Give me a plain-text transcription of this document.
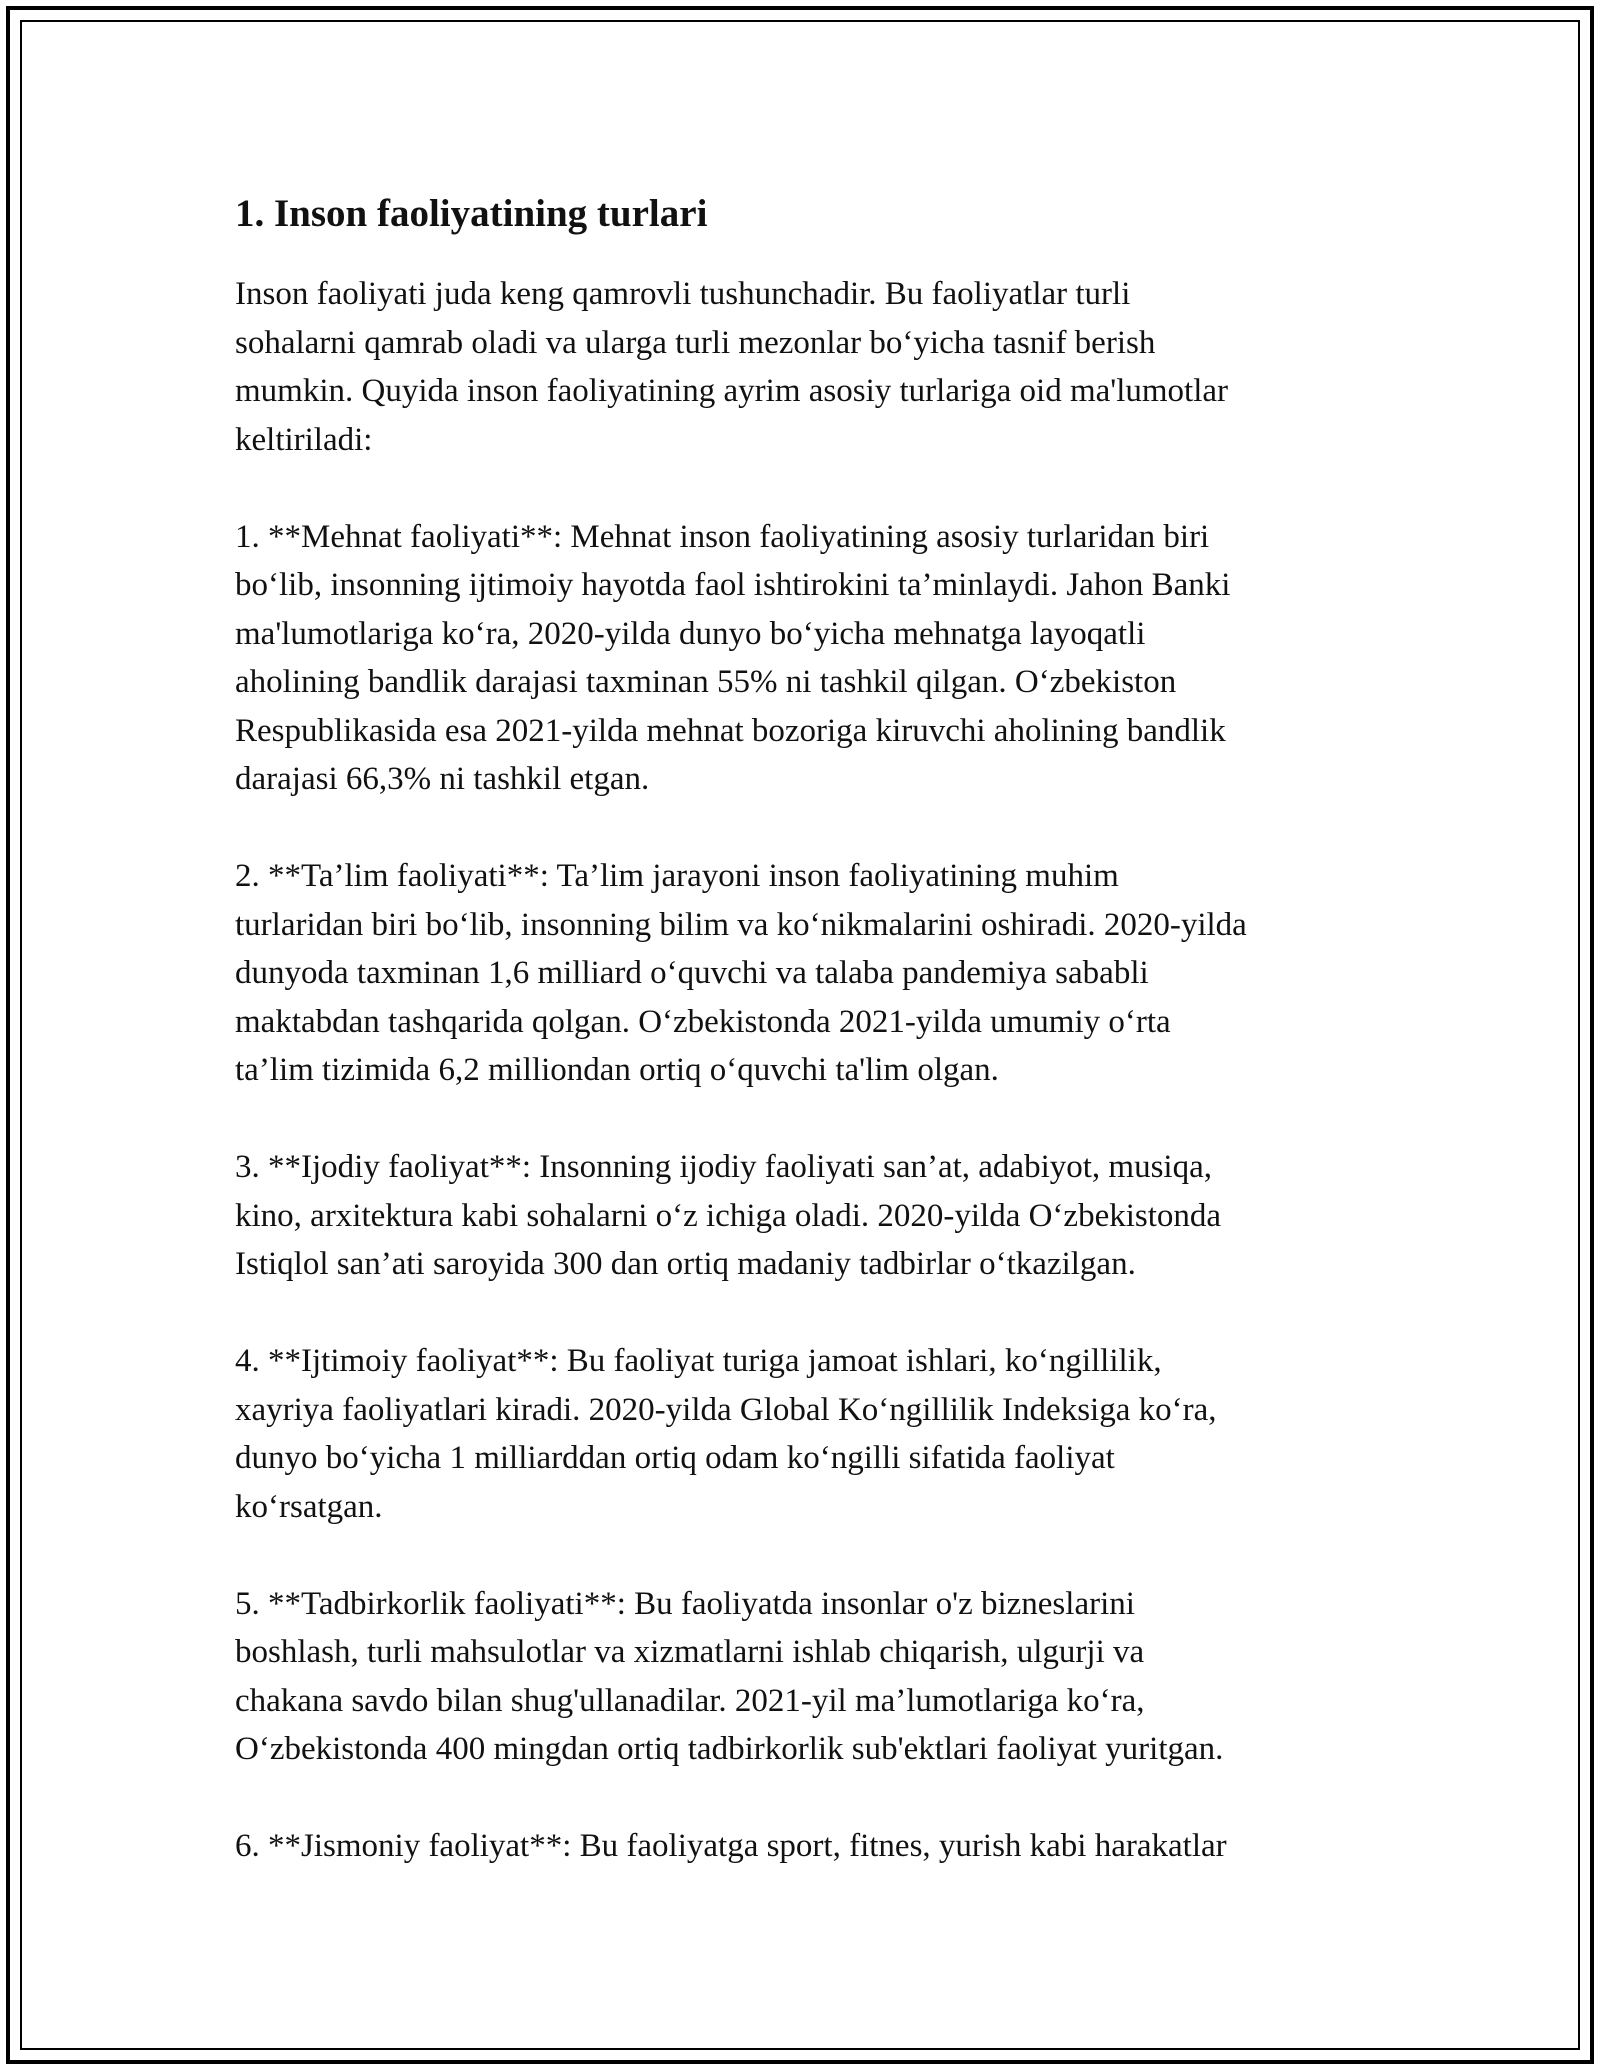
1. Inson faoliyatining turlari

Inson faoliyati juda keng qamrovli tushunchadir. Bu faoliyatlar turli
sohalarni qamrab oladi va ularga turli mezonlar bo‘yicha tasnif berish
mumkin. Quyida inson faoliyatining ayrim asosiy turlariga oid ma'lumotlar
keltiriladi:

1. **Mehnat faoliyati**: Mehnat inson faoliyatining asosiy turlaridan biri
bo‘lib, insonning ijtimoiy hayotda faol ishtirokini ta’minlaydi. Jahon Banki
ma'lumotlariga ko‘ra, 2020-yilda dunyo bo‘yicha mehnatga layoqatli
aholining bandlik darajasi taxminan 55% ni tashkil qilgan. O‘zbekiston
Respublikasida esa 2021-yilda mehnat bozoriga kiruvchi aholining bandlik
darajasi 66,3% ni tashkil etgan.

2. **Ta’lim faoliyati**: Ta’lim jarayoni inson faoliyatining muhim
turlaridan biri bo‘lib, insonning bilim va ko‘nikmalarini oshiradi. 2020-yilda
dunyoda taxminan 1,6 milliard o‘quvchi va talaba pandemiya sababli
maktabdan tashqarida qolgan. O‘zbekistonda 2021-yilda umumiy o‘rta
ta’lim tizimida 6,2 milliondan ortiq o‘quvchi ta'lim olgan.

3. **Ijodiy faoliyat**: Insonning ijodiy faoliyati san’at, adabiyot, musiqa,
kino, arxitektura kabi sohalarni o‘z ichiga oladi. 2020-yilda O‘zbekistonda
Istiqlol san’ati saroyida 300 dan ortiq madaniy tadbirlar o‘tkazilgan.

4. **Ijtimoiy faoliyat**: Bu faoliyat turiga jamoat ishlari, ko‘ngillilik,
xayriya faoliyatlari kiradi. 2020-yilda Global Ko‘ngillilik Indeksiga ko‘ra,
dunyo bo‘yicha 1 milliarddan ortiq odam ko‘ngilli sifatida faoliyat
ko‘rsatgan.

5. **Tadbirkorlik faoliyati**: Bu faoliyatda insonlar o'z bizneslarini
boshlash, turli mahsulotlar va xizmatlarni ishlab chiqarish, ulgurji va
chakana savdo bilan shug'ullanadilar. 2021-yil ma’lumotlariga ko‘ra,
O‘zbekistonda 400 mingdan ortiq tadbirkorlik sub'ektlari faoliyat yuritgan.

6. **Jismoniy faoliyat**: Bu faoliyatga sport, fitnes, yurish kabi harakatlar
